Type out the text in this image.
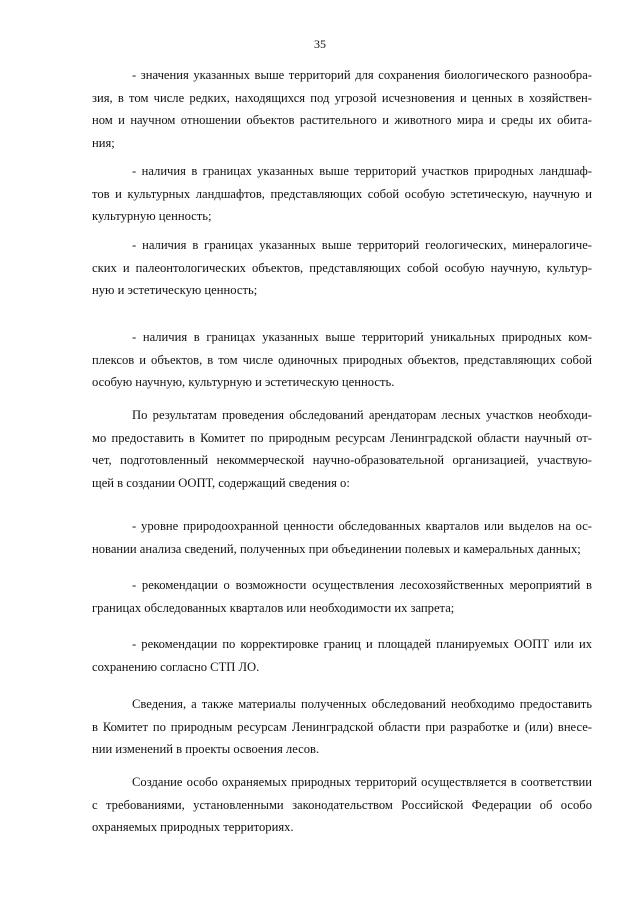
35
- значения указанных выше территорий для сохранения биологического разнообра-
зия, в том числе редких, находящихся под угрозой исчезновения и ценных в хозяйствен-
ном и научном отношении объектов растительного и животного мира и среды их обита-
ния;
- наличия в границах указанных выше территорий участков природных ландшаф-
тов и культурных ландшафтов, представляющих собой особую эстетическую, научную и
культурную ценность;
- наличия в границах указанных выше территорий геологических, минералогиче-
ских и палеонтологических объектов, представляющих собой особую научную, культур-
ную и эстетическую ценность;
- наличия в границах указанных выше территорий уникальных природных ком-
плексов и объектов, в том числе одиночных природных объектов, представляющих собой
особую научную, культурную и эстетическую ценность.
По результатам проведения обследований арендаторам лесных участков необходи-
мо предоставить в Комитет по природным ресурсам Ленинградской области научный от-
чет, подготовленный некоммерческой научно-образовательной организацией, участвую-
щей в создании ООПТ, содержащий сведения о:
- уровне природоохранной ценности обследованных кварталов или выделов на ос-
новании анализа сведений, полученных при объединении полевых и камеральных данных;
- рекомендации о возможности осуществления лесохозяйственных мероприятий в
границах обследованных кварталов или необходимости их запрета;
- рекомендации по корректировке границ и площадей планируемых ООПТ или их
сохранению согласно СТП ЛО.
Сведения, а также материалы полученных обследований необходимо предоставить
в Комитет по природным ресурсам Ленинградской области при разработке и (или) внесе-
нии изменений в проекты освоения лесов.
Создание особо охраняемых природных территорий осуществляется в соответствии
с требованиями, установленными законодательством Российской Федерации об особо
охраняемых природных территориях.
